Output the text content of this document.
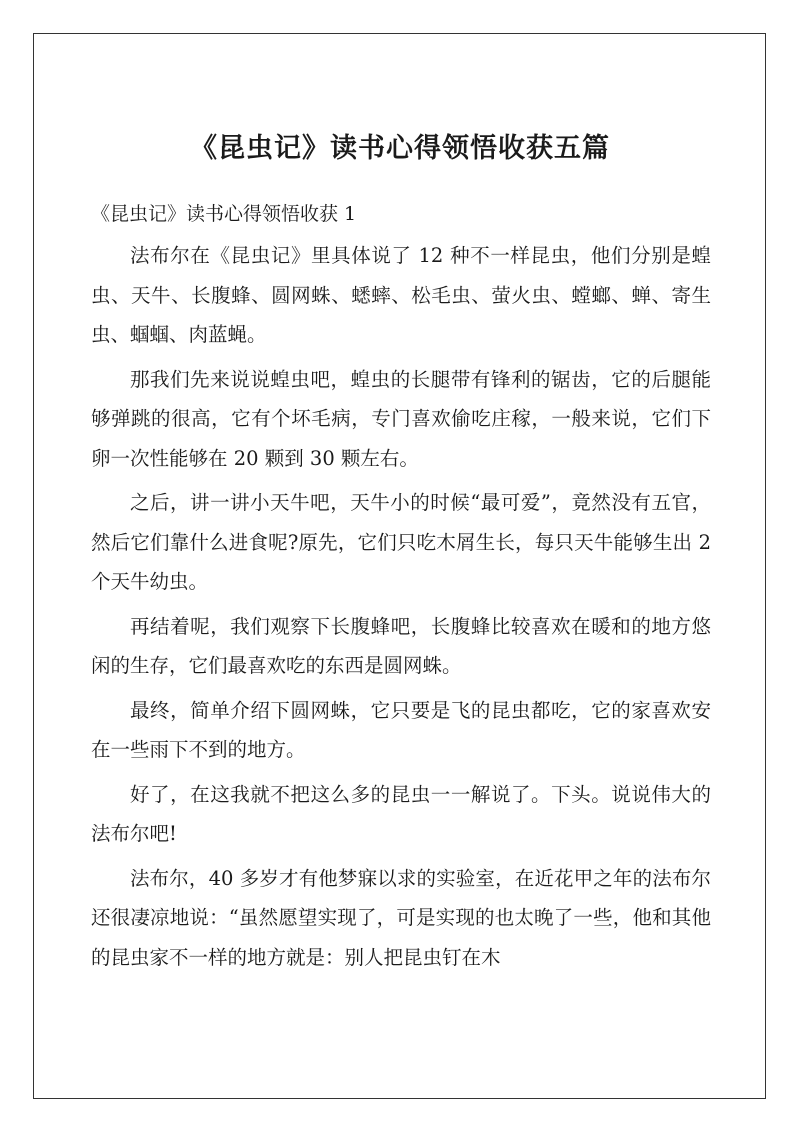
《昆虫记》读书心得领悟收获五篇

《昆虫记》读书心得领悟收获 1

法布尔在《昆虫记》里具体说了 12 种不一样昆虫，他们分别是蝗虫、天牛、长腹蜂、圆网蛛、蟋蟀、松毛虫、萤火虫、螳螂、蝉、寄生虫、蝈蝈、肉蓝蝇。

那我们先来说说蝗虫吧，蝗虫的长腿带有锋利的锯齿，它的后腿能够弹跳的很高，它有个坏毛病，专门喜欢偷吃庄稼，一般来说，它们下卵一次性能够在 20 颗到 30 颗左右。

之后，讲一讲小天牛吧，天牛小的时候“最可爱”，竟然没有五官，然后它们靠什么进食呢?原先，它们只吃木屑生长，每只天牛能够生出 2 个天牛幼虫。

再结着呢，我们观察下长腹蜂吧，长腹蜂比较喜欢在暖和的地方悠闲的生存，它们最喜欢吃的东西是圆网蛛。

最终，简单介绍下圆网蛛，它只要是飞的昆虫都吃，它的家喜欢安在一些雨下不到的地方。

好了，在这我就不把这么多的昆虫一一解说了。下头。说说伟大的法布尔吧!

法布尔，40 多岁才有他梦寐以求的实验室，在近花甲之年的法布尔还很凄凉地说：“虽然愿望实现了，可是实现的也太晚了一些，他和其他的昆虫家不一样的地方就是：别人把昆虫钉在木
